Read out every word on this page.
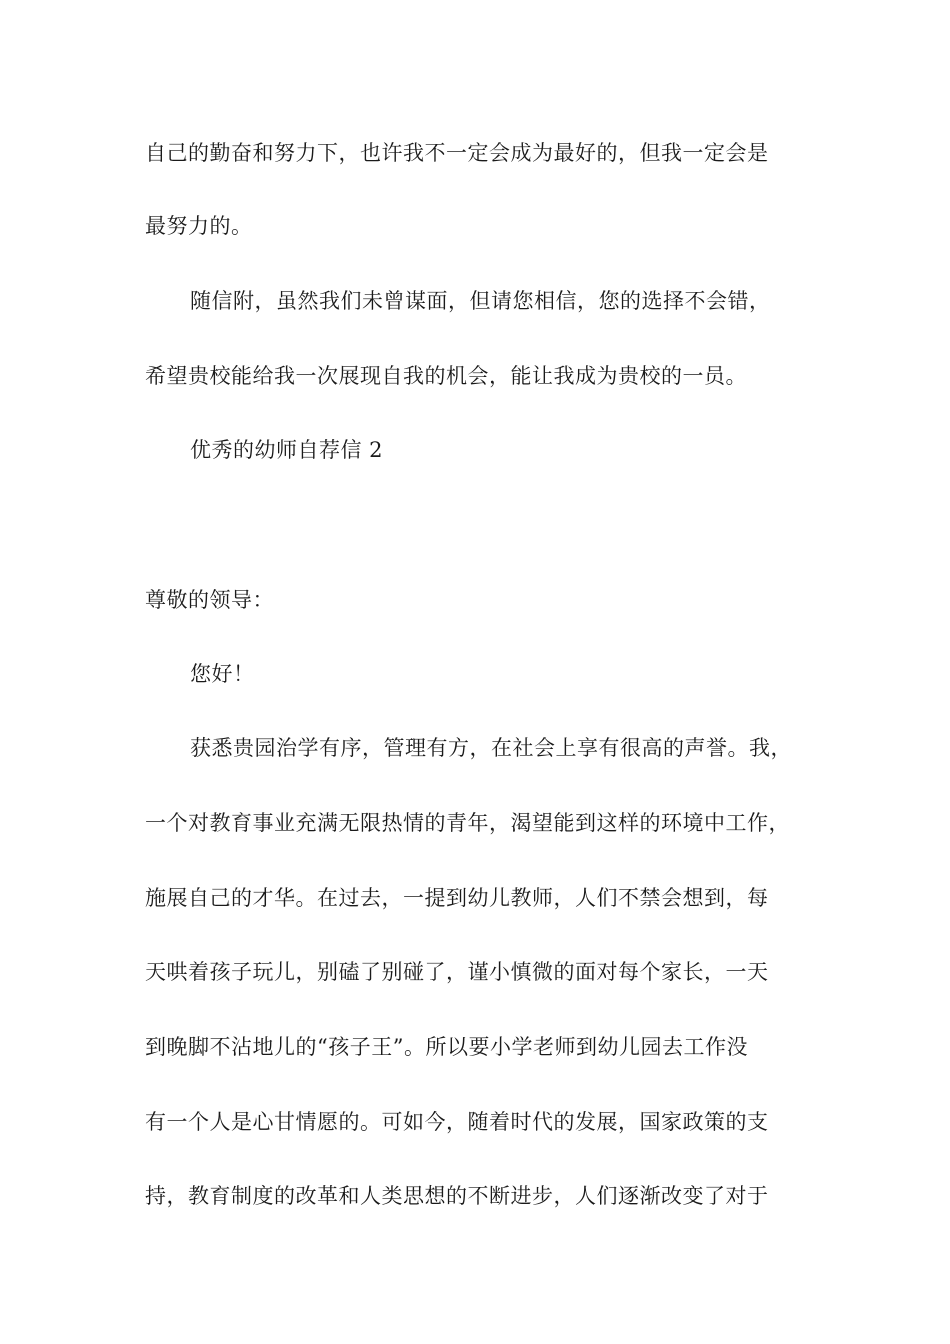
自己的勤奋和努力下，也许我不一定会成为最好的，但我一定会是
最努力的。
随信附，虽然我们未曾谋面，但请您相信，您的选择不会错，
希望贵校能给我一次展现自我的机会，能让我成为贵校的一员。
优秀的幼师自荐信 2
尊敬的领导：
您好！
获悉贵园治学有序，管理有方，在社会上享有很高的声誉。我，
一个对教育事业充满无限热情的青年，渴望能到这样的环境中工作，
施展自己的才华。在过去，一提到幼儿教师，人们不禁会想到，每
天哄着孩子玩儿，别磕了别碰了，谨小慎微的面对每个家长，一天
到晚脚不沾地儿的“孩子王”。所以要小学老师到幼儿园去工作没
有一个人是心甘情愿的。可如今，随着时代的发展，国家政策的支
持，教育制度的改革和人类思想的不断进步，人们逐渐改变了对于
